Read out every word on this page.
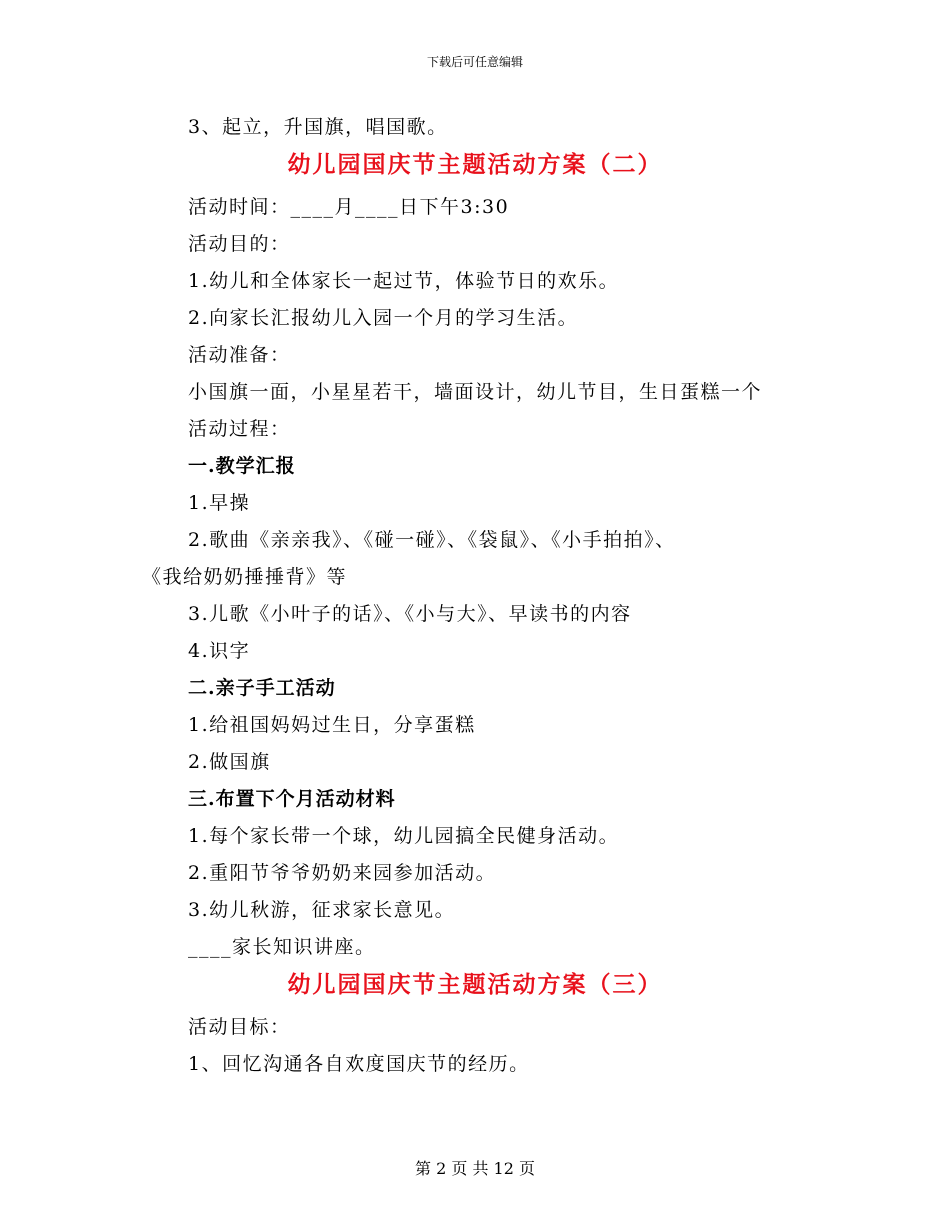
下载后可任意编辑
3、起立，升国旗，唱国歌。
幼儿园国庆节主题活动方案（二）
活动时间：____月____日下午3:30
活动目的：
1.幼儿和全体家长一起过节，体验节日的欢乐。
2.向家长汇报幼儿入园一个月的学习生活。
活动准备：
小国旗一面，小星星若干，墙面设计，幼儿节目，生日蛋糕一个
活动过程：
一.教学汇报
1.早操
2.歌曲《亲亲我》、《碰一碰》、《袋鼠》、《小手拍拍》、
《我给奶奶捶捶背》等
3.儿歌《小叶子的话》、《小与大》、早读书的内容
4.识字
二.亲子手工活动
1.给祖国妈妈过生日，分享蛋糕
2.做国旗
三.布置下个月活动材料
1.每个家长带一个球，幼儿园搞全民健身活动。
2.重阳节爷爷奶奶来园参加活动。
3.幼儿秋游，征求家长意见。
____家长知识讲座。
幼儿园国庆节主题活动方案（三）
活动目标：
1、回忆沟通各自欢度国庆节的经历。
第 2 页 共 12 页
